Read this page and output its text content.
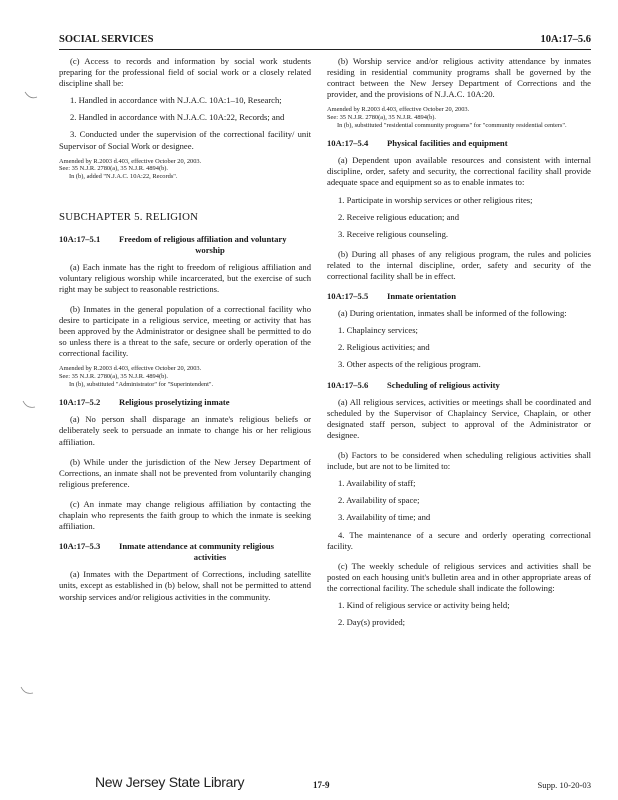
SOCIAL SERVICES	10A:17–5.6

(c) Access to records and information by social work students preparing for the professional field of social work or a closely related discipline shall be:

1. Handled in accordance with N.J.A.C. 10A:1–10, Research;

2. Handled in accordance with N.J.A.C. 10A:22, Records; and

3. Conducted under the supervision of the correctional facility/ unit Supervisor of Social Work or designee.

Amended by R.2003 d.403, effective October 20, 2003.
See: 35 N.J.R. 2780(a), 35 N.J.R. 4894(b).
In (b), added "N.J.A.C. 10A:22, Records".

SUBCHAPTER 5. RELIGION

10A:17–5.1 Freedom of religious affiliation and voluntary
worship

(a) Each inmate has the right to freedom of religious affiliation and voluntary religious worship while incarcerated, but the exercise of such right may be subject to reasonable restrictions.

(b) Inmates in the general population of a correctional facility who desire to participate in a religious service, meeting or activity that has been approved by the Administrator or designee shall be permitted to do so unless there is a threat to the safe, secure or orderly operation of the correctional facility.

Amended by R.2003 d.403, effective October 20, 2003.
See: 35 N.J.R. 2780(a), 35 N.J.R. 4894(b).
In (b), substituted "Administrator" for "Superintendent".

10A:17–5.2 Religious proselytizing inmate

(a) No person shall disparage an inmate's religious beliefs or deliberately seek to persuade an inmate to change his or her religious affiliation.

(b) While under the jurisdiction of the New Jersey Department of Corrections, an inmate shall not be prevented from voluntarily changing religious preference.

(c) An inmate may change religious affiliation by contacting the chaplain who represents the faith group to which the inmate is seeking affiliation.

10A:17–5.3 Inmate attendance at community religious
activities

(a) Inmates with the Department of Corrections, including satellite units, except as established in (b) below, shall not be permitted to attend worship services and/or religious activities in the community.

(b) Worship service and/or religious activity attendance by inmates residing in residential community programs shall be governed by the contract between the New Jersey Department of Corrections and the provider, and the provisions of N.J.A.C. 10A:20.

Amended by R.2003 d.403, effective October 20, 2003.
See: 35 N.J.R. 2780(a), 35 N.J.R. 4894(b).
In (b), substituted "residential community programs" for "community residential centers".

10A:17–5.4 Physical facilities and equipment

(a) Dependent upon available resources and consistent with internal discipline, order, safety and security, the correctional facility shall provide adequate space and equipment so as to enable inmates to:

1. Participate in worship services or other religious rites;

2. Receive religious education; and

3. Receive religious counseling.

(b) During all phases of any religious program, the rules and policies related to the internal discipline, order, safety and security of the correctional facility shall be in effect.

10A:17–5.5 Inmate orientation

(a) During orientation, inmates shall be informed of the following:

1. Chaplaincy services;

2. Religious activities; and

3. Other aspects of the religious program.

10A:17–5.6 Scheduling of religious activity

(a) All religious services, activities or meetings shall be coordinated and scheduled by the Supervisor of Chaplaincy Service, Chaplain, or other designated staff person, subject to approval of the Administrator or designee.

(b) Factors to be considered when scheduling religious activities shall include, but are not to be limited to:

1. Availability of staff;

2. Availability of space;

3. Availability of time; and

4. The maintenance of a secure and orderly operating correctional facility.

(c) The weekly schedule of religious services and activities shall be posted on each housing unit's bulletin area and in other appropriate areas of the correctional facility. The schedule shall indicate the following:

1. Kind of religious service or activity being held;

2. Day(s) provided;

New Jersey State Library	17-9	Supp. 10-20-03
